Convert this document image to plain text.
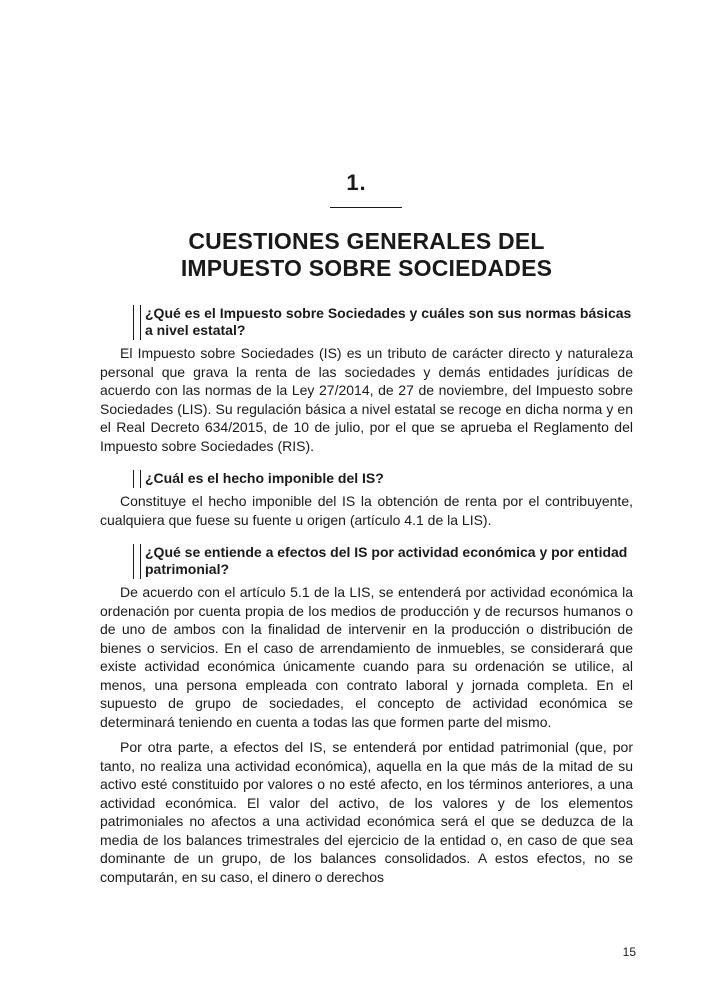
1.
CUESTIONES GENERALES DEL
IMPUESTO SOBRE SOCIEDADES
¿Qué es el Impuesto sobre Sociedades y cuáles son sus normas básicas a nivel estatal?

El Impuesto sobre Sociedades (IS) es un tributo de carácter directo y naturaleza personal que grava la renta de las sociedades y demás entidades jurídicas de acuerdo con las normas de la Ley 27/2014, de 27 de noviembre, del Impuesto sobre Sociedades (LIS). Su regulación básica a nivel estatal se recoge en dicha norma y en el Real Decreto 634/2015, de 10 de julio, por el que se aprueba el Reglamento del Impuesto sobre Sociedades (RIS).

¿Cuál es el hecho imponible del IS?

Constituye el hecho imponible del IS la obtención de renta por el contribuyente, cualquiera que fuese su fuente u origen (artículo 4.1 de la LIS).

¿Qué se entiende a efectos del IS por actividad económica y por entidad patrimonial?

De acuerdo con el artículo 5.1 de la LIS, se entenderá por actividad económica la ordenación por cuenta propia de los medios de producción y de recursos humanos o de uno de ambos con la finalidad de intervenir en la producción o distribución de bienes o servicios. En el caso de arrendamiento de inmuebles, se considerará que existe actividad económica únicamente cuando para su ordenación se utilice, al menos, una persona empleada con contrato laboral y jornada completa. En el supuesto de grupo de sociedades, el concepto de actividad económica se determinará teniendo en cuenta a todas las que formen parte del mismo.

Por otra parte, a efectos del IS, se entenderá por entidad patrimonial (que, por tanto, no realiza una actividad económica), aquella en la que más de la mitad de su activo esté constituido por valores o no esté afecto, en los términos anteriores, a una actividad económica. El valor del activo, de los valores y de los elementos patrimoniales no afectos a una actividad económica será el que se deduzca de la media de los balances trimestrales del ejercicio de la entidad o, en caso de que sea dominante de un grupo, de los balances consolidados. A estos efectos, no se computarán, en su caso, el dinero o derechos

15
